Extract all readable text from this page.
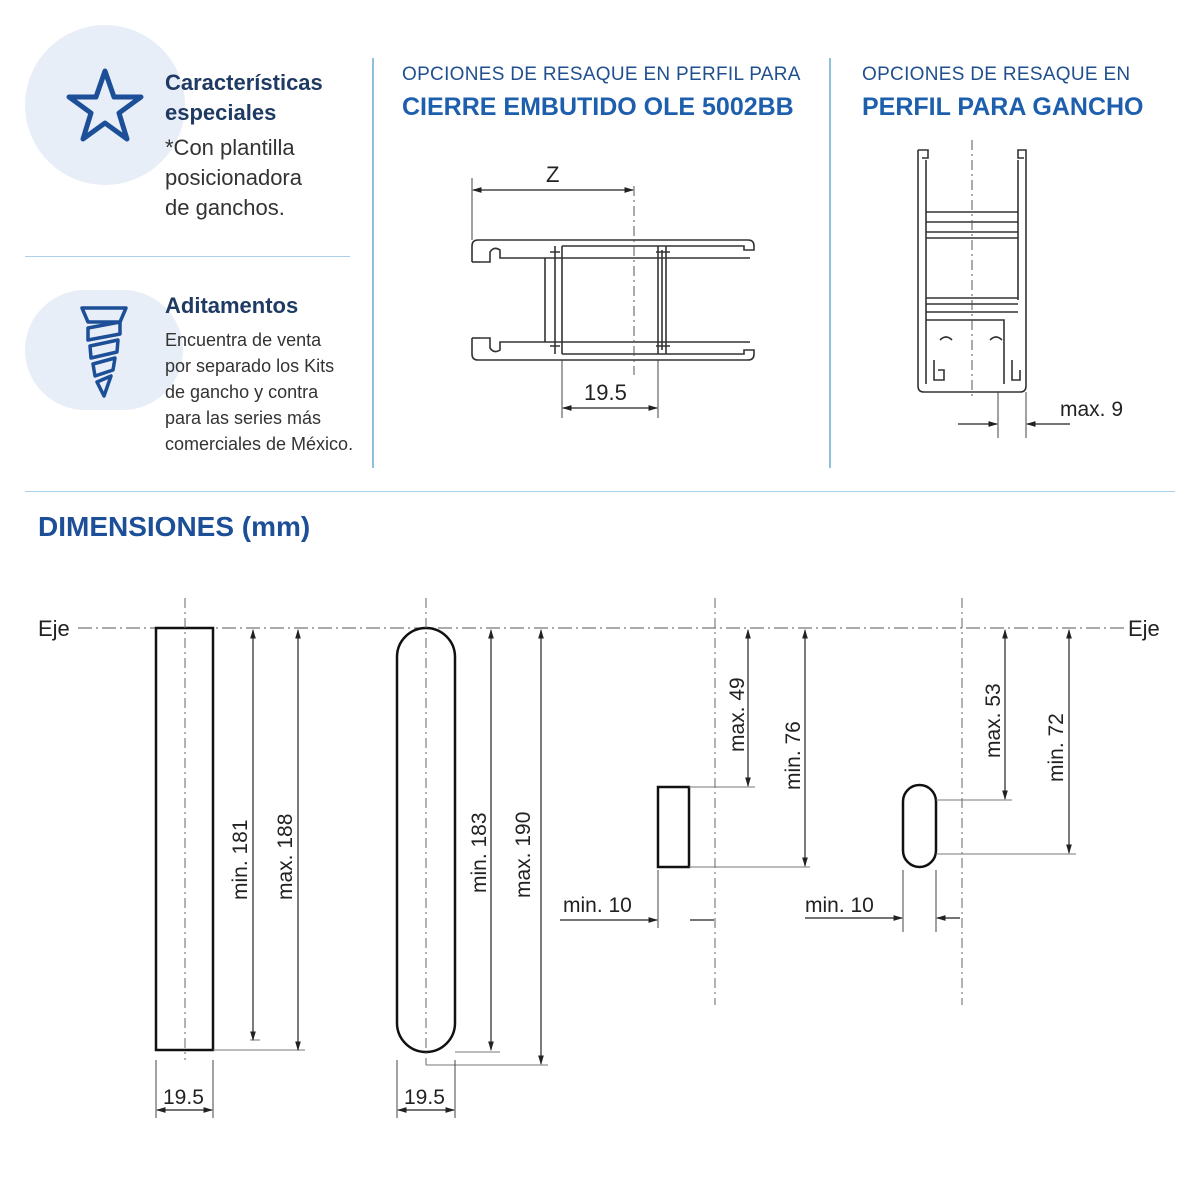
Características
especiales
*Con plantilla
posicionadora
de ganchos.
Aditamentos
Encuentra de venta
por separado los Kits
de gancho y contra
para las series más
comerciales de México.
OPCIONES DE RESAQUE EN PERFIL PARA
CIERRE EMBUTIDO OLE 5002BB
OPCIONES DE RESAQUE EN
PERFIL PARA GANCHO
DIMENSIONES (mm)
Z
19.5
max. 9
Eje	Eje
min. 181 max. 188
19.5
min. 183 max. 190
19.5
max. 49
min. 76
min. 10
max. 53 min. 72
min. 10
